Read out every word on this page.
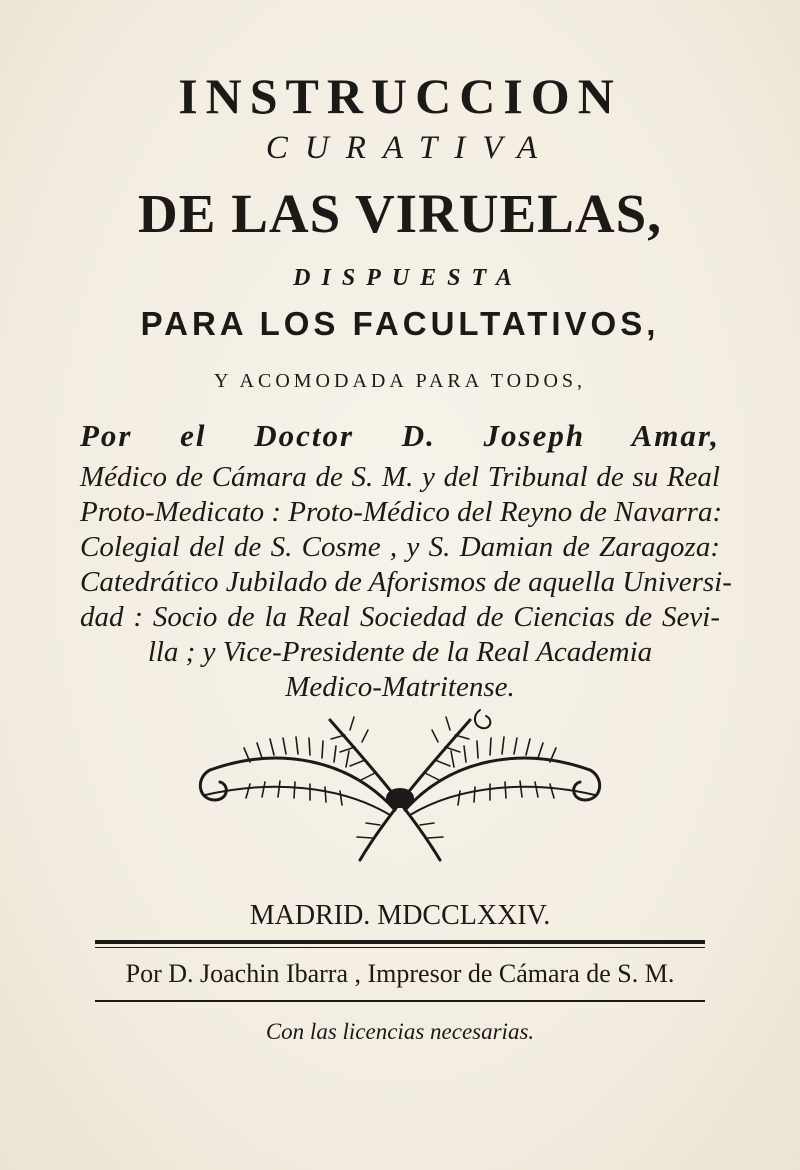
INSTRUCCION
CURATIVA
DE LAS VIRUELAS,
DISPUESTA
PARA LOS FACULTATIVOS,
Y ACOMODADA PARA TODOS,
Por el Doctor D. Joseph Amar,
Médico de Cámara de S. M. y del Tribunal de su Real
Proto-Medicato : Proto-Médico del Reyno de Navarra:
Colegial del de S. Cosme , y S. Damian de Zaragoza:
Catedrático Jubilado de Aforismos de aquella Universi-
dad : Socio de la Real Sociedad de Ciencias de Sevi-
lla ; y Vice-Presidente de la Real Academia
Medico-Matritense.
MADRID. MDCCLXXIV.
Por D. Joachin Ibarra , Impresor de Cámara de S. M.
Con las licencias necesarias.
